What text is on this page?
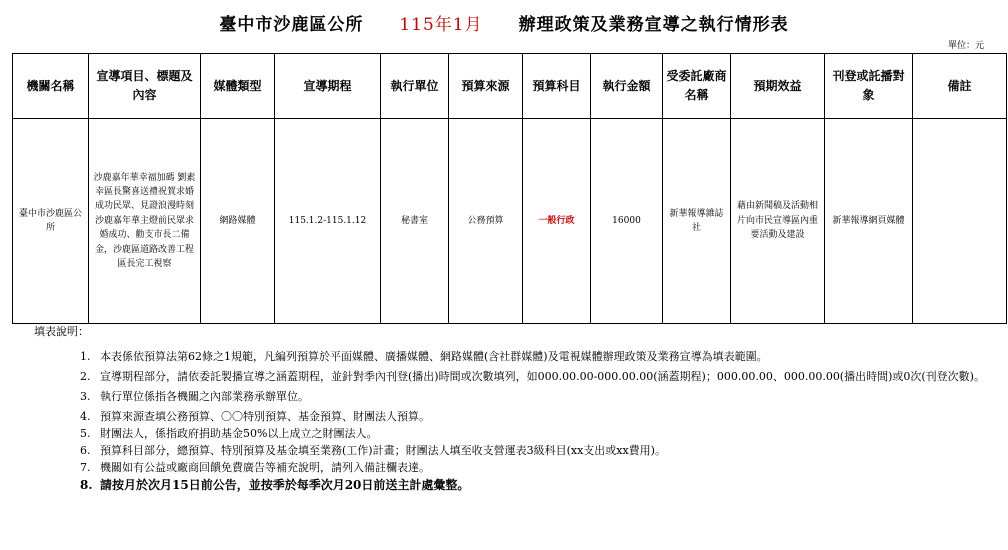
臺中市沙鹿區公所 115年1月 辦理政策及業務宣導之執行情形表
單位：元
機關名稱	宣導項目、標題及內容	媒體類型	宣導期程	執行單位	預算來源	預算科目	執行金額	受委託廠商名稱	預期效益	刊登或託播對象	備註
臺中市沙鹿區公所	沙鹿嘉年華幸福加碼 劉素幸區長驚喜送禮祝賀求婚成功民眾、見證浪漫時刻　沙鹿嘉年華主燈前民眾求婚成功、勸支市長二備金，沙鹿區道路改善工程區長完工視察	網路媒體	115.1.2-115.1.12	秘書室	公務預算	一般行政	16000	新華報導雜誌社	藉由新聞稿及活動相片向市民宣導區內重要活動及建設	新華報導網頁媒體	
填表說明：
1. 本表係依預算法第62條之1規範，凡編列預算於平面媒體、廣播媒體、網路媒體(含社群媒體)及電視媒體辦理政策及業務宣導為填表範圍。
2. 宣導期程部分，請依委託製播宣導之涵蓋期程，並針對季內刊登(播出)時間或次數填列，如000.00.00-000.00.00(涵蓋期程)；000.00.00、000.00.00(播出時間)或0次(刊登次數)。
3. 執行單位係指各機關之內部業務承辦單位。
4. 預算來源查填公務預算、〇〇特別預算、基金預算、財團法人預算。
5. 財團法人，係指政府捐助基金50%以上成立之財團法人。
6. 預算科目部分，總預算、特別預算及基金填至業務(工作)計畫；財團法人填至收支營運表3級科目(xx支出或xx費用)。
7. 機關如有公益或廠商回饋免費廣告等補充說明，請列入備註欄表達。
8. 請按月於次月15日前公告，並按季於每季次月20日前送主計處彙整。
